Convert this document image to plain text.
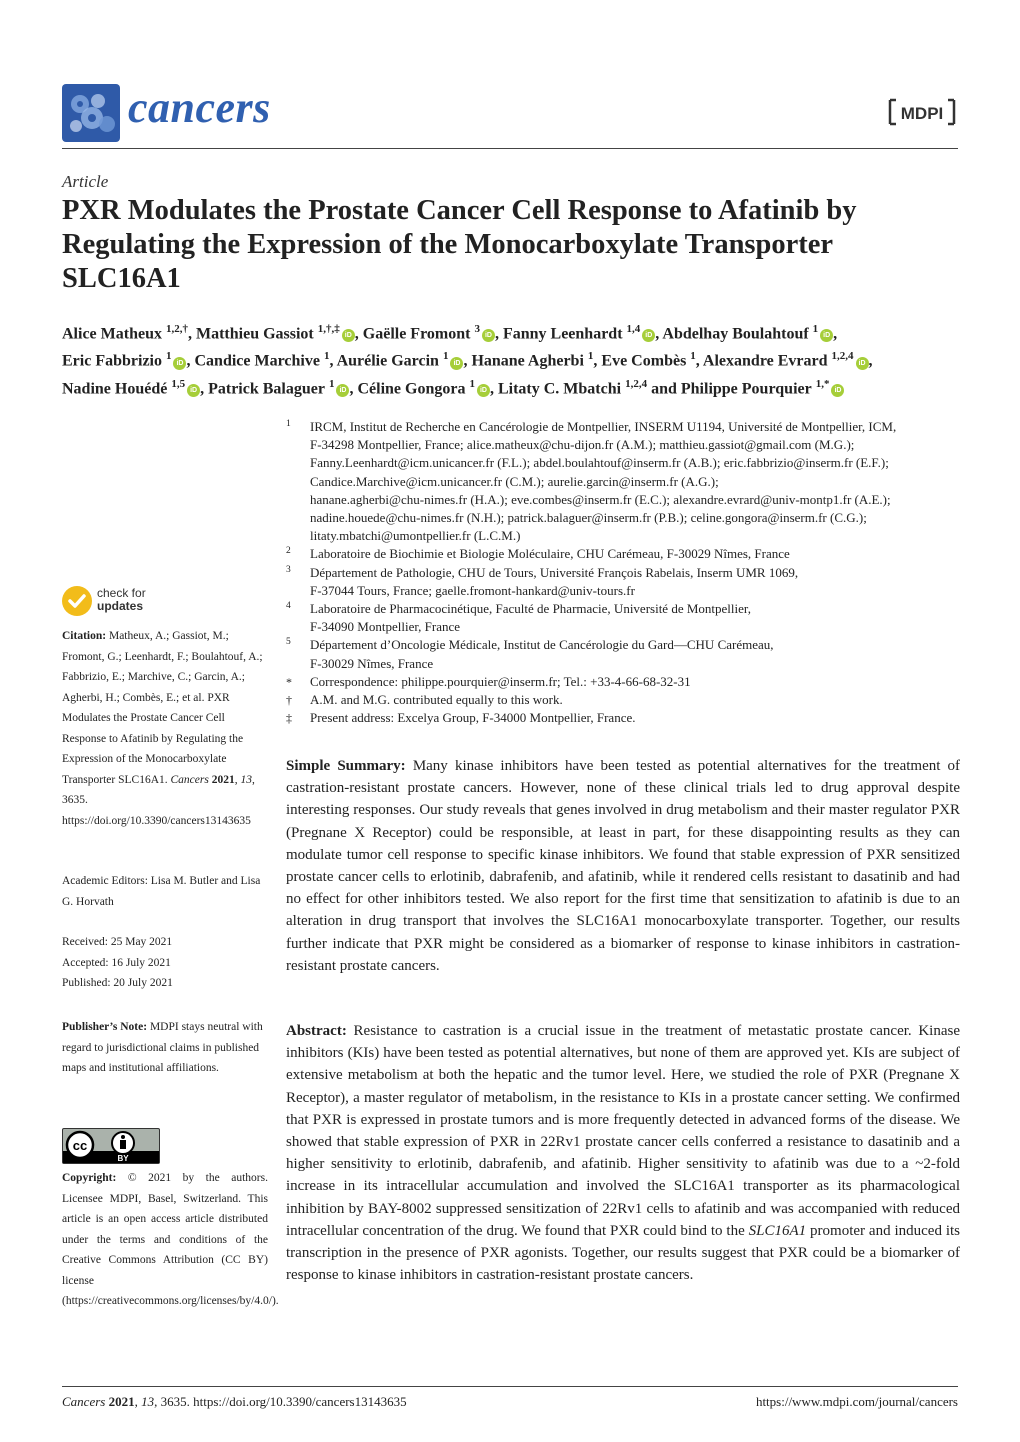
cancers	MDPI
Article
PXR Modulates the Prostate Cancer Cell Response to Afatinib by Regulating the Expression of the Monocarboxylate Transporter SLC16A1
Alice Matheux $^{1,2,\dagger}$, Matthieu Gassiot $^{1,\dagger,\ddagger}$iD , Gaëlle Fromont $^3$iD , Fanny Leenhardt $^{1,4}$iD , Abdelhay Boulahtouf $^1$iD ,
Eric Fabbrizio $^1$iD , Candice Marchive $^1$, Aurélie Garcin $^1$iD , Hanane Agherbi $^1$, Eve Combès $^1$, Alexandre Evrard $^{1,2,4}$iD ,
Nadine Houédé $^{1,5}$iD , Patrick Balaguer $^1$iD , Céline Gongora $^1$iD , Litaty C. Mbatchi $^{1,2,4}$ and Philippe Pourquier $^{1,*}$iD
1 IRCM, Institut de Recherche en Cancérologie de Montpellier, INSERM U1194, Université de Montpellier, ICM,
F-34298 Montpellier, France; alice.matheux@chu-dijon.fr (A.M.); matthieu.gassiot@gmail.com (M.G.);
Fanny.Leenhardt@icm.unicancer.fr (F.L.); abdel.boulahtouf@inserm.fr (A.B.); eric.fabbrizio@inserm.fr (E.F.);
Candice.Marchive@icm.unicancer.fr (C.M.); aurelie.garcin@inserm.fr (A.G.);
hanane.agherbi@chu-nimes.fr (H.A.); eve.combes@inserm.fr (E.C.); alexandre.evrard@univ-montp1.fr (A.E.);
nadine.houede@chu-nimes.fr (N.H.); patrick.balaguer@inserm.fr (P.B.); celine.gongora@inserm.fr (C.G.);
litaty.mbatchi@umontpellier.fr (L.C.M.)
2 Laboratoire de Biochimie et Biologie Moléculaire, CHU Carémeau, F-30029 Nîmes, France
3 Département de Pathologie, CHU de Tours, Université François Rabelais, Inserm UMR 1069,
F-37044 Tours, France; gaelle.fromont-hankard@univ-tours.fr
4 Laboratoire de Pharmacocinétique, Faculté de Pharmacie, Université de Montpellier,
F-34090 Montpellier, France
5 Département d’Oncologie Médicale, Institut de Cancérologie du Gard—CHU Carémeau,
F-30029 Nîmes, France
* Correspondence: philippe.pourquier@inserm.fr; Tel.: +33-4-66-68-32-31
† A.M. and M.G. contributed equally to this work.
‡ Present address: Excelya Group, F-34000 Montpellier, France.
check for
updates
Citation: Matheux, A.; Gassiot, M.; Fromont, G.; Leenhardt, F.; Boulahtouf, A.; Fabbrizio, E.; Marchive, C.; Garcin, A.; Agherbi, H.; Combès, E.; et al. PXR Modulates the Prostate Cancer Cell Response to Afatinib by Regulating the Expression of the Monocarboxylate Transporter SLC16A1. Cancers 2021, 13, 3635. https://doi.org/10.3390/cancers13143635
Academic Editors: Lisa M. Butler and Lisa G. Horvath
Received: 25 May 2021
Accepted: 16 July 2021
Published: 20 July 2021
Publisher’s Note: MDPI stays neutral with regard to jurisdictional claims in published maps and institutional affiliations.
cc
BY
Copyright: © 2021 by the authors. Licensee MDPI, Basel, Switzerland. This article is an open access article distributed under the terms and conditions of the Creative Commons Attribution (CC BY) license (https://creativecommons.org/licenses/by/4.0/).
Simple Summary: Many kinase inhibitors have been tested as potential alternatives for the treatment of castration-resistant prostate cancers. However, none of these clinical trials led to drug approval despite interesting responses. Our study reveals that genes involved in drug metabolism and their master regulator PXR (Pregnane X Receptor) could be responsible, at least in part, for these disappointing results as they can modulate tumor cell response to specific kinase inhibitors. We found that stable expression of PXR sensitized prostate cancer cells to erlotinib, dabrafenib, and afatinib, while it rendered cells resistant to dasatinib and had no effect for other inhibitors tested. We also report for the first time that sensitization to afatinib is due to an alteration in drug transport that involves the SLC16A1 monocarboxylate transporter. Together, our results further indicate that PXR might be considered as a biomarker of response to kinase inhibitors in castration-resistant prostate cancers.
Abstract: Resistance to castration is a crucial issue in the treatment of metastatic prostate cancer. Kinase inhibitors (KIs) have been tested as potential alternatives, but none of them are approved yet. KIs are subject of extensive metabolism at both the hepatic and the tumor level. Here, we studied the role of PXR (Pregnane X Receptor), a master regulator of metabolism, in the resistance to KIs in a prostate cancer setting. We confirmed that PXR is expressed in prostate tumors and is more frequently detected in advanced forms of the disease. We showed that stable expression of PXR in 22Rv1 prostate cancer cells conferred a resistance to dasatinib and a higher sensitivity to erlotinib, dabrafenib, and afatinib. Higher sensitivity to afatinib was due to a ~2-fold increase in its intracellular accumulation and involved the SLC16A1 transporter as its pharmacological inhibition by BAY-8002 suppressed sensitization of 22Rv1 cells to afatinib and was accompanied with reduced intracellular concentration of the drug. We found that PXR could bind to the SLC16A1 promoter and induced its transcription in the presence of PXR agonists. Together, our results suggest that PXR could be a biomarker of response to kinase inhibitors in castration-resistant prostate cancers.
Cancers 2021, 13, 3635. https://doi.org/10.3390/cancers13143635	https://www.mdpi.com/journal/cancers
